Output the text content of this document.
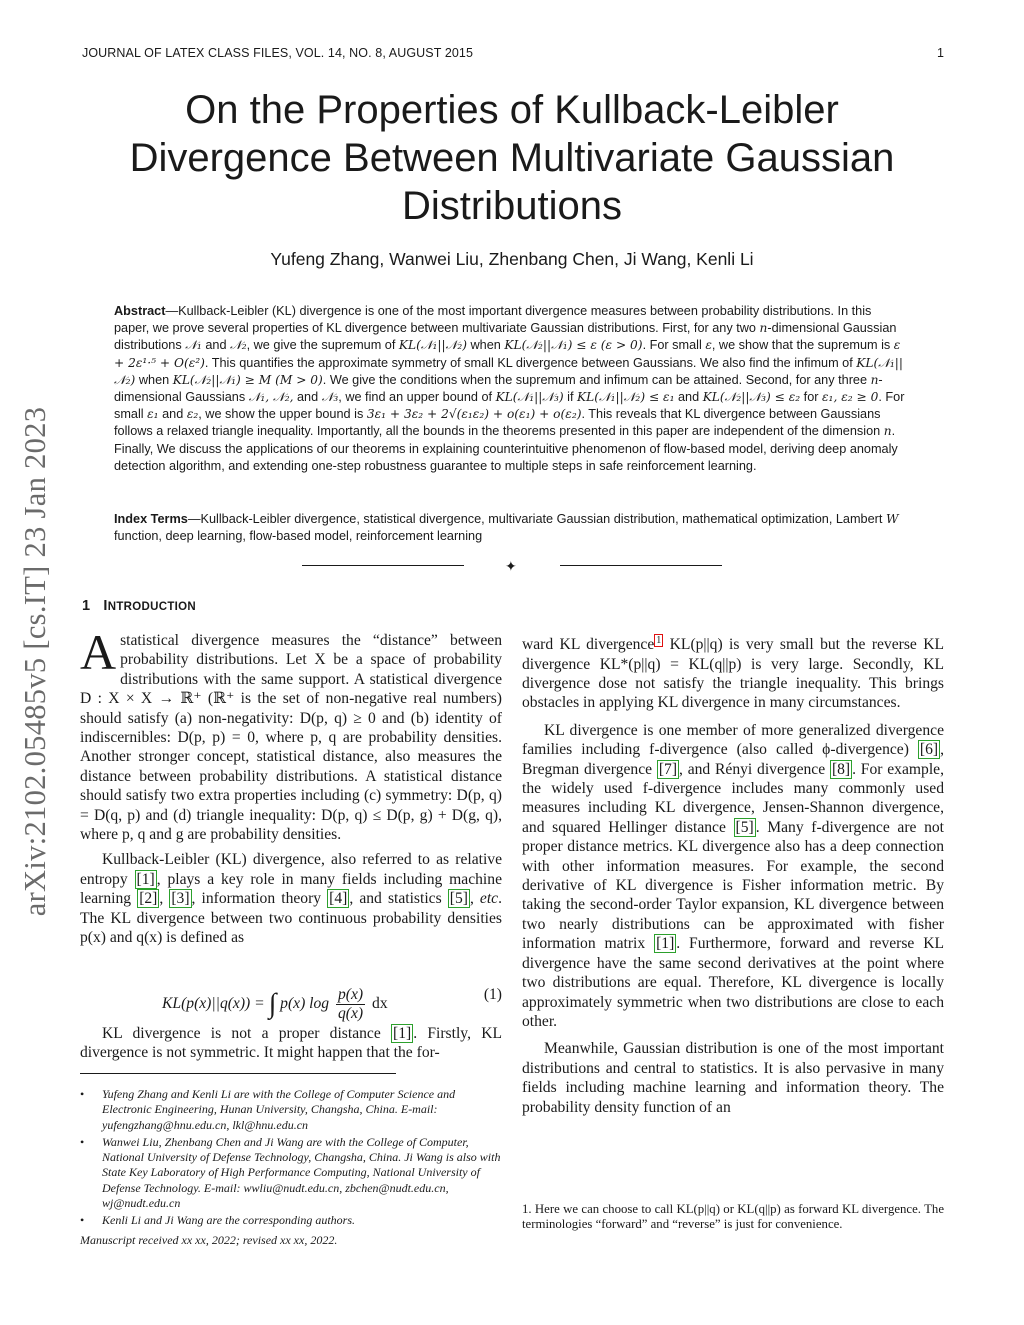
JOURNAL OF LATEX CLASS FILES, VOL. 14, NO. 8, AUGUST 2015	1
arXiv:2102.05485v5 [cs.IT] 23 Jan 2023
On the Properties of Kullback-Leibler Divergence Between Multivariate Gaussian Distributions
Yufeng Zhang, Wanwei Liu, Zhenbang Chen, Ji Wang, Kenli Li
Abstract—Kullback-Leibler (KL) divergence is one of the most important divergence measures between probability distributions. In this paper, we prove several properties of KL divergence between multivariate Gaussian distributions. First, for any two n-dimensional Gaussian distributions 𝒩₁ and 𝒩₂, we give the supremum of KL(𝒩₁||𝒩₂) when KL(𝒩₂||𝒩₁) ≤ ε (ε > 0). For small ε, we show that the supremum is ε + 2ε¹·⁵ + O(ε²). This quantifies the approximate symmetry of small KL divergence between Gaussians. We also find the infimum of KL(𝒩₁||𝒩₂) when KL(𝒩₂||𝒩₁) ≥ M (M > 0). We give the conditions when the supremum and infimum can be attained. Second, for any three n-dimensional Gaussians 𝒩₁, 𝒩₂, and 𝒩₃, we find an upper bound of KL(𝒩₁||𝒩₃) if KL(𝒩₁||𝒩₂) ≤ ε₁ and KL(𝒩₂||𝒩₃) ≤ ε₂ for ε₁, ε₂ ≥ 0. For small ε₁ and ε₂, we show the upper bound is 3ε₁ + 3ε₂ + 2√(ε₁ε₂) + o(ε₁) + o(ε₂). This reveals that KL divergence between Gaussians follows a relaxed triangle inequality. Importantly, all the bounds in the theorems presented in this paper are independent of the dimension n. Finally, We discuss the applications of our theorems in explaining counterintuitive phenomenon of flow-based model, deriving deep anomaly detection algorithm, and extending one-step robustness guarantee to multiple steps in safe reinforcement learning.
Index Terms—Kullback-Leibler divergence, statistical divergence, multivariate Gaussian distribution, mathematical optimization, Lambert W function, deep learning, flow-based model, reinforcement learning
✦
1 INTRODUCTION

Astatistical divergence measures the “distance” between probability distributions. Let X be a space of probability distributions with the same support. A statistical divergence D : X × X → ℝ⁺ (ℝ⁺ is the set of non-negative real numbers) should satisfy (a) non-negativity: D(p, q) ≥ 0 and (b) identity of indiscernibles: D(p, p) = 0, where p, q are probability densities. Another stronger concept, statistical distance, also measures the distance between probability distributions. A statistical distance should satisfy two extra properties including (c) symmetry: D(p, q) = D(q, p) and (d) triangle inequality: D(p, q) ≤ D(p, g) + D(g, q), where p, q and g are probability densities.

Kullback-Leibler (KL) divergence, also referred to as relative entropy [1] , plays a key role in many fields including machine learning [2] , [3] , information theory [4] , and statistics [5] , etc. The KL divergence between two continuous probability densities p(x) and q(x) is defined as

KL(p(x)||q(x)) = ∫ p(x) $\log \frac{p(x)}{q(x)}$ dx
(1)

KL divergence is not a proper distance [1] . Firstly, KL divergence is not symmetric. It might happen that the for-

• Yufeng Zhang and Kenli Li are with the College of Computer Science and Electronic Engineering, Hunan University, Changsha, China. E-mail: yufengzhang@hnu.edu.cn, lkl@hnu.edu.cn
• Wanwei Liu, Zhenbang Chen and Ji Wang are with the College of Computer, National University of Defense Technology, Changsha, China. Ji Wang is also with State Key Laboratory of High Performance Computing, National University of Defense Technology. E-mail: wwliu@nudt.edu.cn, zbchen@nudt.edu.cn, wj@nudt.edu.cn
• Kenli Li and Ji Wang are the corresponding authors.
Manuscript received xx xx, 2022; revised xx xx, 2022.

ward KL divergence $^1$ KL(p||q) is very small but the reverse KL divergence KL*(p||q) = KL(q||p) is very large. Secondly, KL divergence dose not satisfy the triangle inequality. This brings obstacles in applying KL divergence in many circumstances.

KL divergence is one member of more generalized divergence families including f-divergence (also called ϕ-divergence) [6] , Bregman divergence [7] , and Rényi divergence [8] . For example, the widely used f-divergence includes many commonly used measures including KL divergence, Jensen-Shannon divergence, and squared Hellinger distance [5] . Many f-divergence are not proper distance metrics. KL divergence also has a deep connection with other information measures. For example, the second derivative of KL divergence is Fisher information metric. By taking the second-order Taylor expansion, KL divergence between two nearly distributions can be approximated with fisher information matrix [1] . Furthermore, forward and reverse KL divergence have the same second derivatives at the point where two distributions are equal. Therefore, KL divergence is locally approximately symmetric when two distributions are close to each other.

Meanwhile, Gaussian distribution is one of the most important distributions and central to statistics. It is also pervasive in many fields including machine learning and information theory. The probability density function of an

1. Here we can choose to call KL(p||q) or KL(q||p) as forward KL divergence. The terminologies “forward” and “reverse” is just for convenience.
